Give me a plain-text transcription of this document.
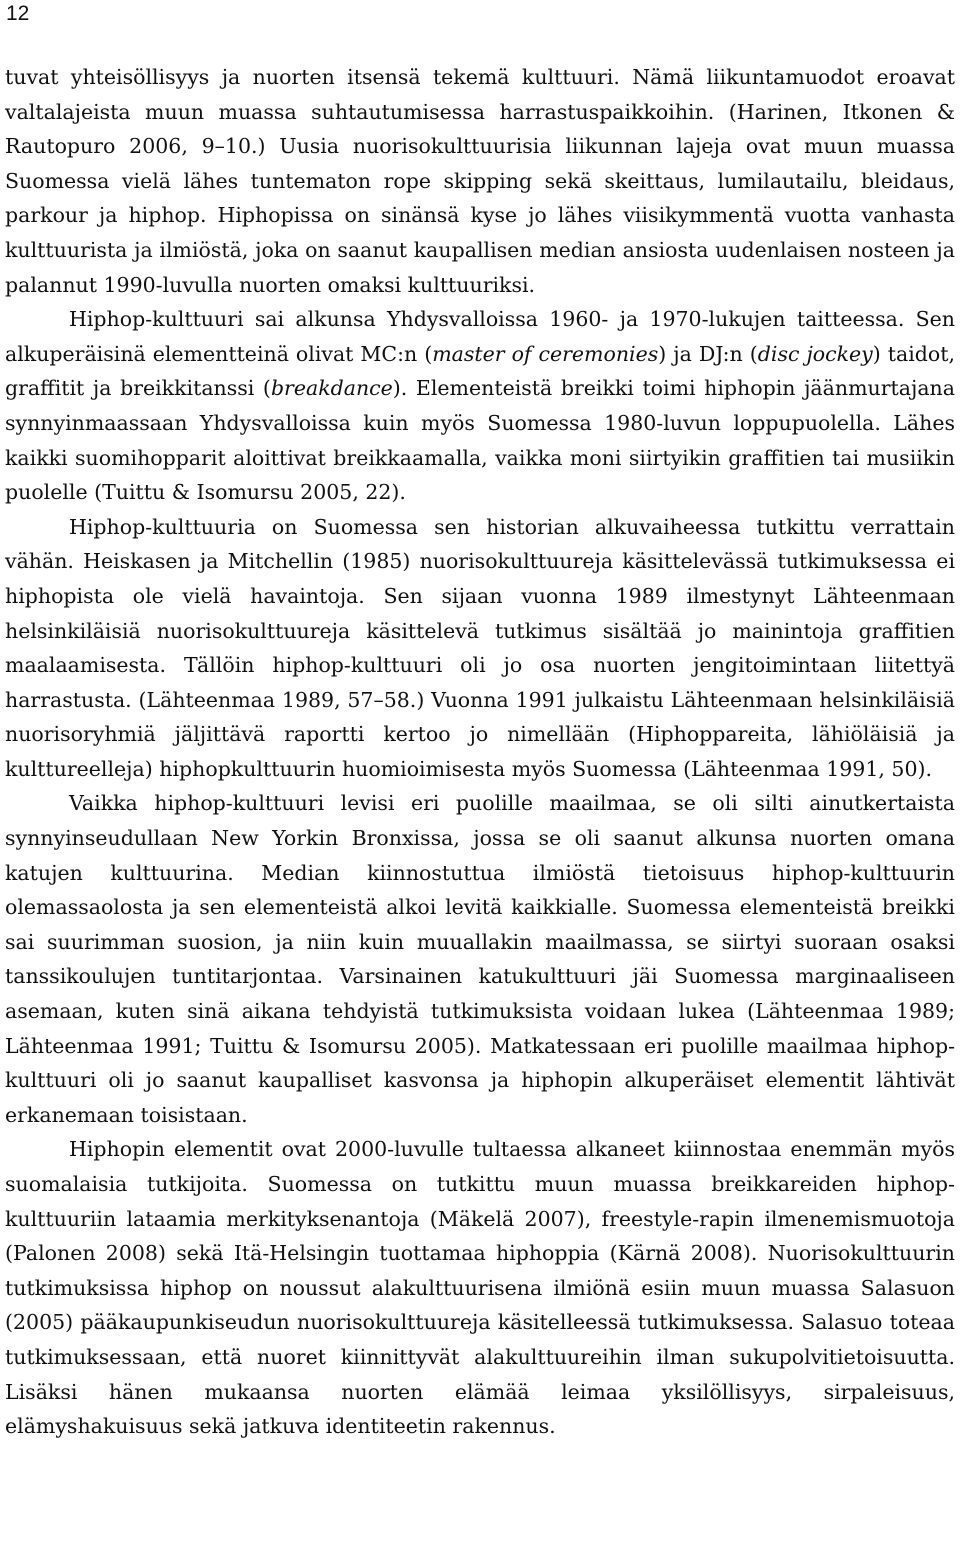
12

tuvat yhteisöllisyys ja nuorten itsensä tekemä kulttuuri. Nämä liikuntamuodot eroavat valtalajeista muun muassa suhtautumisessa harrastuspaikkoihin. (Harinen, Itkonen & Rautopuro 2006, 9–10.) Uusia nuorisokulttuurisia liikunnan lajeja ovat muun muassa Suomessa vielä lähes tuntematon rope skipping sekä skeittaus, lumilautailu, bleidaus, parkour ja hiphop. Hiphopissa on sinänsä kyse jo lähes viisikymmentä vuotta vanhasta kulttuurista ja ilmiöstä, joka on saanut kaupallisen median ansiosta uudenlaisen nosteen ja palannut 1990-luvulla nuorten omaksi kulttuuriksi.

Hiphop-kulttuuri sai alkunsa Yhdysvalloissa 1960- ja 1970-lukujen taitteessa. Sen alkuperäisinä elementteinä olivat MC:n (master of ceremonies) ja DJ:n (disc jockey) taidot, graffitit ja breikkitanssi (breakdance). Elementeistä breikki toimi hiphopin jäänmurtajana synnyinmaassaan Yhdysvalloissa kuin myös Suomessa 1980-luvun loppupuolella. Lähes kaikki suomihopparit aloittivat breikkaamalla, vaikka moni siirtyikin graffitien tai musiikin puolelle (Tuittu & Isomursu 2005, 22).

Hiphop-kulttuuria on Suomessa sen historian alkuvaiheessa tutkittu verrattain vähän. Heiskasen ja Mitchellin (1985) nuorisokulttuureja käsittelevässä tutkimuksessa ei hiphopista ole vielä havaintoja. Sen sijaan vuonna 1989 ilmestynyt Lähteenmaan helsinkiläisiä nuorisokulttuureja käsittelevä tutkimus sisältää jo mainintoja graffitien maalaamisesta. Tällöin hiphop-kulttuuri oli jo osa nuorten jengitoimintaan liitettyä harrastusta. (Lähteenmaa 1989, 57–58.) Vuonna 1991 julkaistu Lähteenmaan helsinkiläisiä nuorisoryhmiä jäljittävä raportti kertoo jo nimellään (Hiphoppareita, lähiöläisiä ja kulttureelleja) hiphopkulttuurin huomioimisesta myös Suomessa (Lähteenmaa 1991, 50).

Vaikka hiphop-kulttuuri levisi eri puolille maailmaa, se oli silti ainutkertaista synnyinseudullaan New Yorkin Bronxissa, jossa se oli saanut alkunsa nuorten omana katujen kulttuurina. Median kiinnostuttua ilmiöstä tietoisuus hiphop-kulttuurin olemassaolosta ja sen elementeistä alkoi levitä kaikkialle. Suomessa elementeistä breikki sai suurimman suosion, ja niin kuin muuallakin maailmassa, se siirtyi suoraan osaksi tanssikoulujen tuntitarjontaa. Varsinainen katukulttuuri jäi Suomessa marginaaliseen asemaan, kuten sinä aikana tehdyistä tutkimuksista voidaan lukea (Lähteenmaa 1989; Lähteenmaa 1991; Tuittu & Isomursu 2005). Matkatessaan eri puolille maailmaa hiphop-kulttuuri oli jo saanut kaupalliset kasvonsa ja hiphopin alkuperäiset elementit lähtivät erkanemaan toisistaan.

Hiphopin elementit ovat 2000-luvulle tultaessa alkaneet kiinnostaa enemmän myös suomalaisia tutkijoita. Suomessa on tutkittu muun muassa breikkareiden hiphop-kulttuuriin lataamia merkityksenantoja (Mäkelä 2007), freestyle-rapin ilmenemismuotoja (Palonen 2008) sekä Itä-Helsingin tuottamaa hiphoppia (Kärnä 2008). Nuorisokulttuurin tutkimuksissa hiphop on noussut alakulttuurisena ilmiönä esiin muun muassa Salasuon (2005) pääkaupunkiseudun nuorisokulttuureja käsitelleessä tutkimuksessa. Salasuo toteaa tutkimuksessaan, että nuoret kiinnittyvät alakulttuureihin ilman sukupolvitietoisuutta. Lisäksi hänen mukaansa nuorten elämää leimaa yksilöllisyys, sirpaleisuus, elämyshakuisuus sekä jatkuva identiteetin rakennus.
